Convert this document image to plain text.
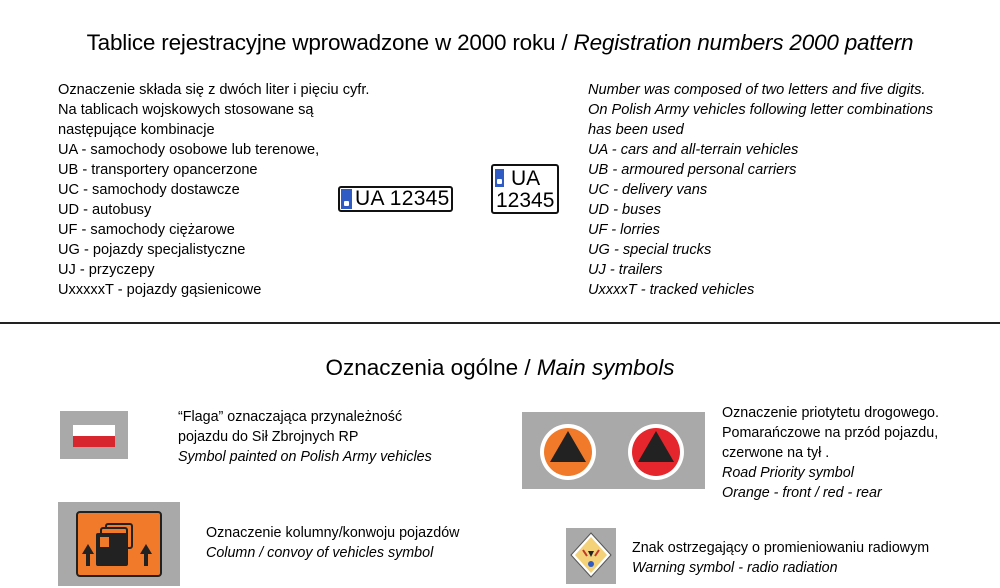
Tablice rejestracyjne wprowadzone w 2000 roku / Registration numbers 2000 pattern
Oznaczenie składa się z dwóch liter i pięciu cyfr.
Na tablicach wojskowych stosowane są
następujące kombinacje
UA - samochody osobowe lub terenowe,
UB - transportery opancerzone
UC - samochody dostawcze
UD - autobusy
UF - samochody ciężarowe
UG - pojazdy specjalistyczne
UJ - przyczepy
UxxxxxT - pojazdy gąsienicowe
UA 12345
UA
12345
Number was composed of two letters and five digits.
On Polish Army vehicles following letter combinations
has been used
UA - cars and all-terrain vehicles
UB - armoured personal carriers
UC - delivery vans
UD - buses
UF - lorries
UG - special trucks
UJ - trailers
UxxxxT - tracked vehicles
Oznaczenia ogólne / Main symbols
“Flaga” oznaczająca przynależność
pojazdu do Sił Zbrojnych RP
Symbol painted on Polish Army vehicles
Oznaczenie priotytetu drogowego.
Pomarańczowe na przód pojazdu,
czerwone na tył .
Road Priority symbol
Orange - front / red - rear
Oznaczenie kolumny/konwoju pojazdów
Column / convoy of vehicles symbol	Znak ostrzegający o promieniowaniu radiowym
Warning symbol - radio radiation
